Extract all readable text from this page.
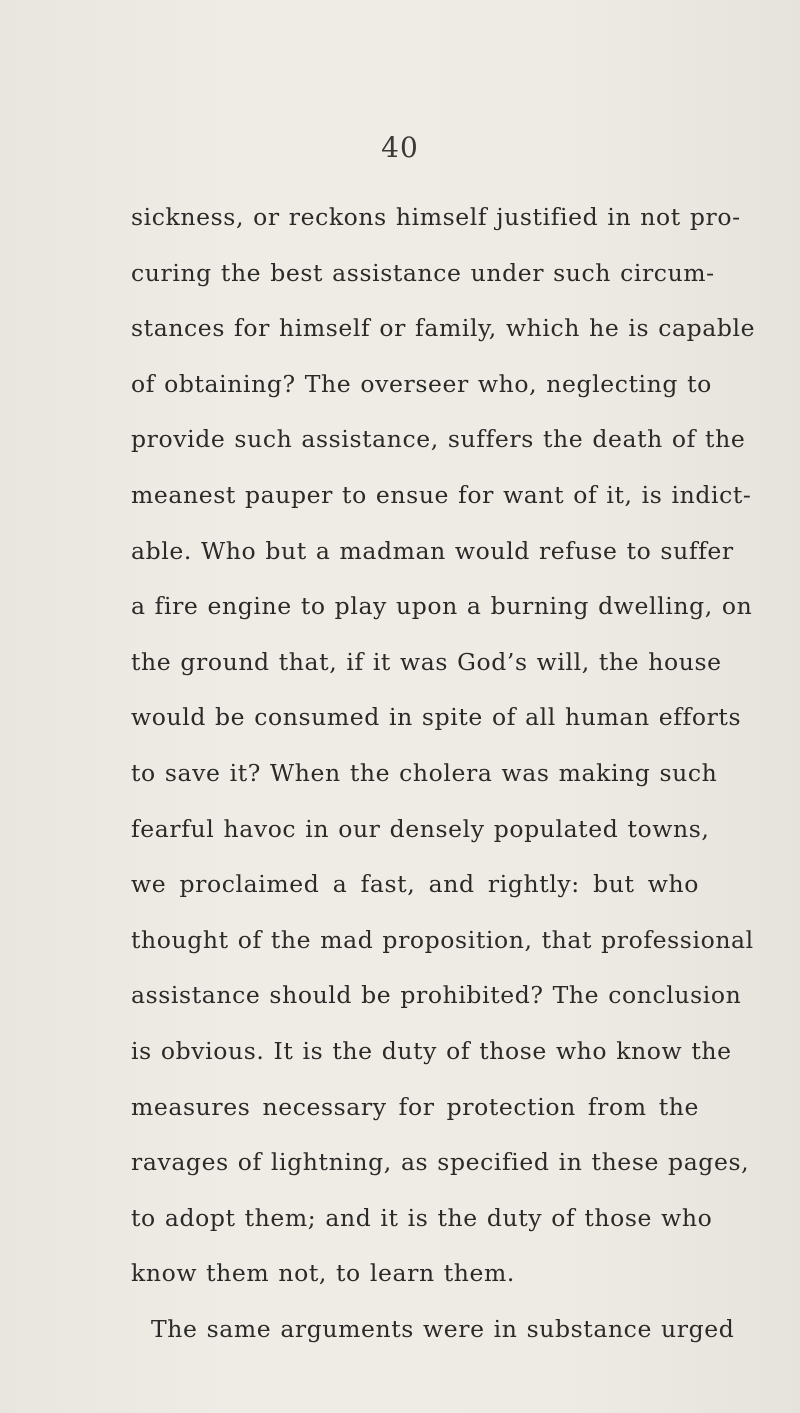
40
sickness, or reckons himself justified in not pro-
curing the best assistance under such circum-
stances for himself or family, which he is capable
of obtaining? The overseer who, neglecting to
provide such assistance, suffers the death of the
meanest pauper to ensue for want of it, is indict-
able. Who but a madman would refuse to suffer
a fire engine to play upon a burning dwelling, on
the ground that, if it was God’s will, the house
would be consumed in spite of all human efforts
to save it? When the cholera was making such
fearful havoc in our densely populated towns,
we proclaimed a fast, and rightly: but who
thought of the mad proposition, that professional
assistance should be prohibited? The conclusion
is obvious. It is the duty of those who know the
measures necessary for protection from the
ravages of lightning, as specified in these pages,
to adopt them; and it is the duty of those who
know them not, to learn them.
The same arguments were in substance urged
